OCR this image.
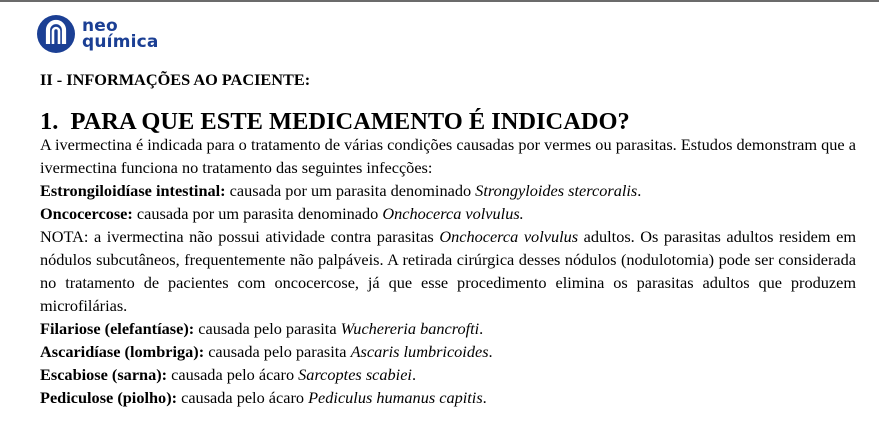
neo
química
II - INFORMAÇÕES AO PACIENTE:
1. PARA QUE ESTE MEDICAMENTO É INDICADO?

A ivermectina é indicada para o tratamento de várias condições causadas por vermes ou parasitas. Estudos demonstram que a ivermectina funciona no tratamento das seguintes infecções:

Estrongiloidíase intestinal: causada por um parasita denominado Strongyloides stercoralis.

Oncocercose: causada por um parasita denominado Onchocerca volvulus.

NOTA: a ivermectina não possui atividade contra parasitas Onchocerca volvulus adultos. Os parasitas adultos residem em nódulos subcutâneos, frequentemente não palpáveis. A retirada cirúrgica desses nódulos (nodulotomia) pode ser considerada no tratamento de pacientes com oncocercose, já que esse procedimento elimina os parasitas adultos que produzem microfilárias.

Filariose (elefantíase): causada pelo parasita Wuchereria bancrofti.

Ascaridíase (lombriga): causada pelo parasita Ascaris lumbricoides.

Escabiose (sarna): causada pelo ácaro Sarcoptes scabiei.

Pediculose (piolho): causada pelo ácaro Pediculus humanus capitis.
